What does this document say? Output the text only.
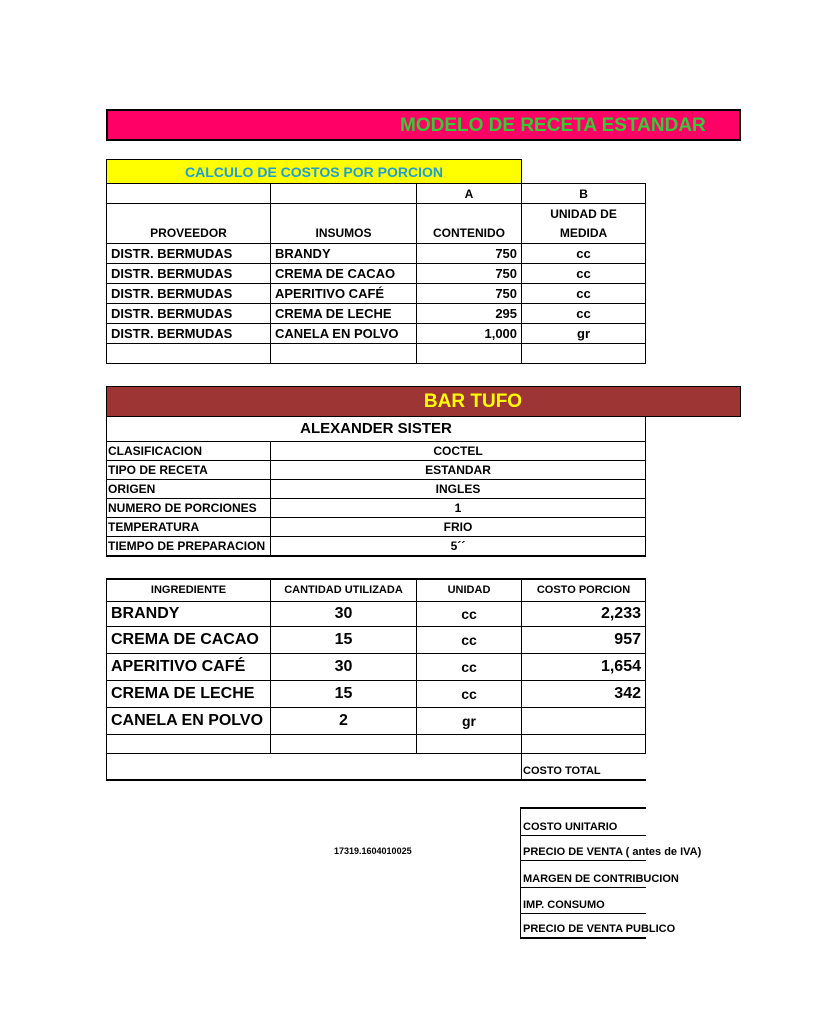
MODELO DE RECETA ESTANDAR
CALCULO DE COSTOS POR PORCION			
		A	B
PROVEEDOR	INSUMOS	CONTENIDO	UNIDAD DE
MEDIDA

DISTR. BERMUDAS	BRANDY	750	cc
DISTR. BERMUDAS	CREMA DE CACAO	750	cc
DISTR. BERMUDAS	APERITIVO CAFÉ	750	cc
DISTR. BERMUDAS	CREMA DE LECHE	295	cc
DISTR. BERMUDAS	CANELA EN POLVO	1,000	gr

BAR TUFO
ALEXANDER SISTER	
CLASIFICACION	COCTEL
TIPO DE RECETA	ESTANDAR
ORIGEN	INGLES
NUMERO DE PORCIONES	1
TEMPERATURA	FRIO
TIEMPO DE PREPARACION	5´´
INGREDIENTE	CANTIDAD UTILIZADA	UNIDAD	COSTO PORCION
BRANDY	30	cc	2,233
CREMA DE CACAO	15	cc	957
APERITIVO CAFÉ	30	cc	1,654
CREMA DE LECHE	15	cc	342
CANELA EN POLVO	2	gr	

			COSTO TOTAL
17319.1604010025
COSTO UNITARIO
PRECIO DE VENTA ( antes de IVA)
MARGEN DE CONTRIBUCION
IMP. CONSUMO
PRECIO DE VENTA PUBLICO
